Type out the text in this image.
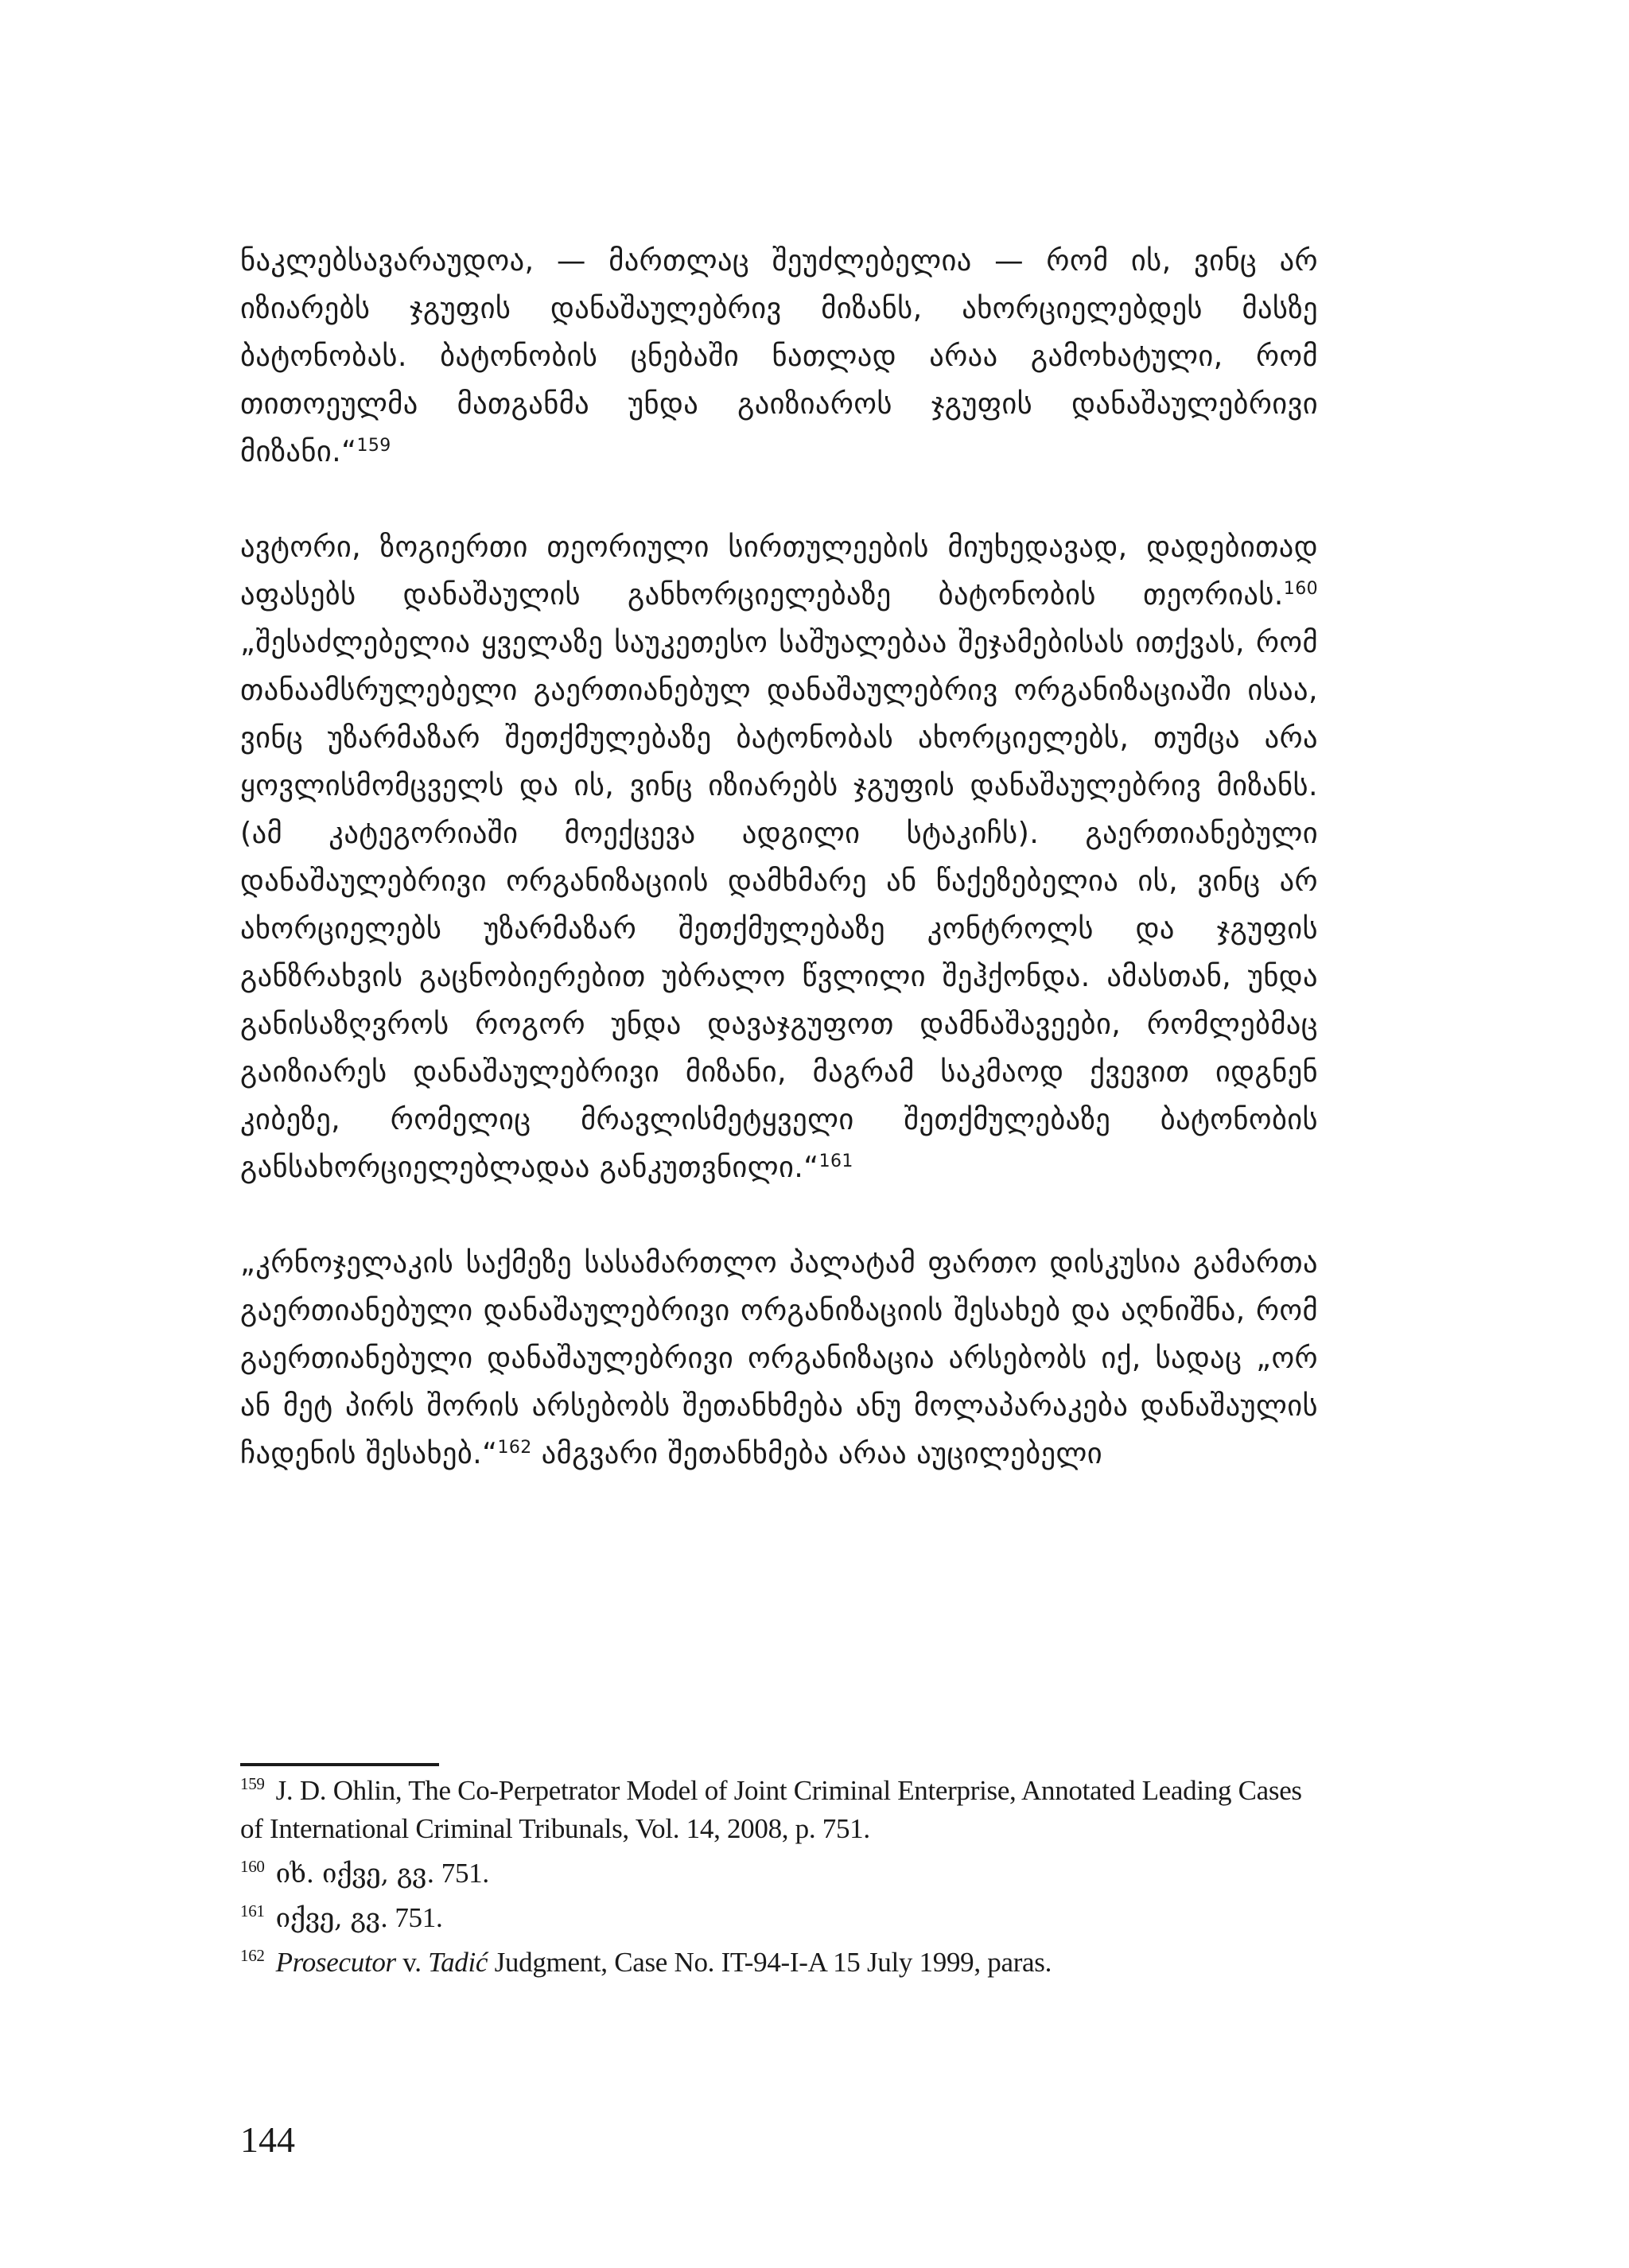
ნაკლებსავარაუდოა, — მართლაც შეუძლებელია — რომ ის, ვინც არ იზიარებს ჯგუფის დანაშაულებრივ მიზანს, ახორციელებდეს მასზე ბატონობას. ბატონობის ცნებაში ნათლად არაა გამოხატული, რომ თითოეულმა მათგანმა უნდა გაიზიაროს ჯგუფის დანაშაულებრივი მიზანი.“$^{159}$

ავტორი, ზოგიერთი თეორიული სირთულეების მიუხედავად, დადებითად აფასებს დანაშაულის განხორციელებაზე ბატონობის თეორიას.$^{160}$ „შესაძლებელია ყველაზე საუკეთესო საშუალებაა შეჯამებისას ითქვას, რომ თანაამსრულებელი გაერთიანებულ დანაშაულებრივ ორგანიზაციაში ისაა, ვინც უზარმაზარ შეთქმულებაზე ბატონობას ახორციელებს, თუმცა არა ყოვლისმომცველს და ის, ვინც იზიარებს ჯგუფის დანაშაულებრივ მიზანს. (ამ კატეგორიაში მოექცევა ადგილი სტაკიჩს). გაერთიანებული დანაშაულებრივი ორგანიზაციის დამხმარე ან წაქეზებელია ის, ვინც არ ახორციელებს უზარმაზარ შეთქმულებაზე კონტროლს და ჯგუფის განზრახვის გაცნობიერებით უბრალო წვლილი შეჰქონდა. ამასთან, უნდა განისაზღვროს როგორ უნდა დავაჯგუფოთ დამნაშავეები, რომლებმაც გაიზიარეს დანაშაულებრივი მიზანი, მაგრამ საკმაოდ ქვევით იდგნენ კიბეზე, რომელიც მრავლისმეტყველი შეთქმულებაზე ბატონობის განსახორციელებლადაა განკუთვნილი.“$^{161}$

„კრნოჯელაკის საქმეზე სასამართლო პალატამ ფართო დისკუსია გამართა გაერთიანებული დანაშაულებრივი ორგანიზაციის შესახებ და აღნიშნა, რომ გაერთიანებული დანაშაულებრივი ორგანიზაცია არსებობს იქ, სადაც „ორ ან მეტ პირს შორის არსებობს შეთანხმება ანუ მოლაპარაკება დანაშაულის ჩადენის შესახებ.“$^{162}$ ამგვარი შეთანხმება არაა აუცილებელი

$^{159}$ J. D. Ohlin, The Co-Perpetrator Model of Joint Criminal Enterprise, Annotated Leading Cases of International Criminal Tribunals, Vol. 14, 2008, p. 751.

$^{160}$ იხ. იქვე, გვ. 751.

$^{161}$ იქვე, გვ. 751.

$^{162}$ Prosecutor v. Tadić Judgment, Case No. IT-94-I-A 15 July 1999, paras.

144
